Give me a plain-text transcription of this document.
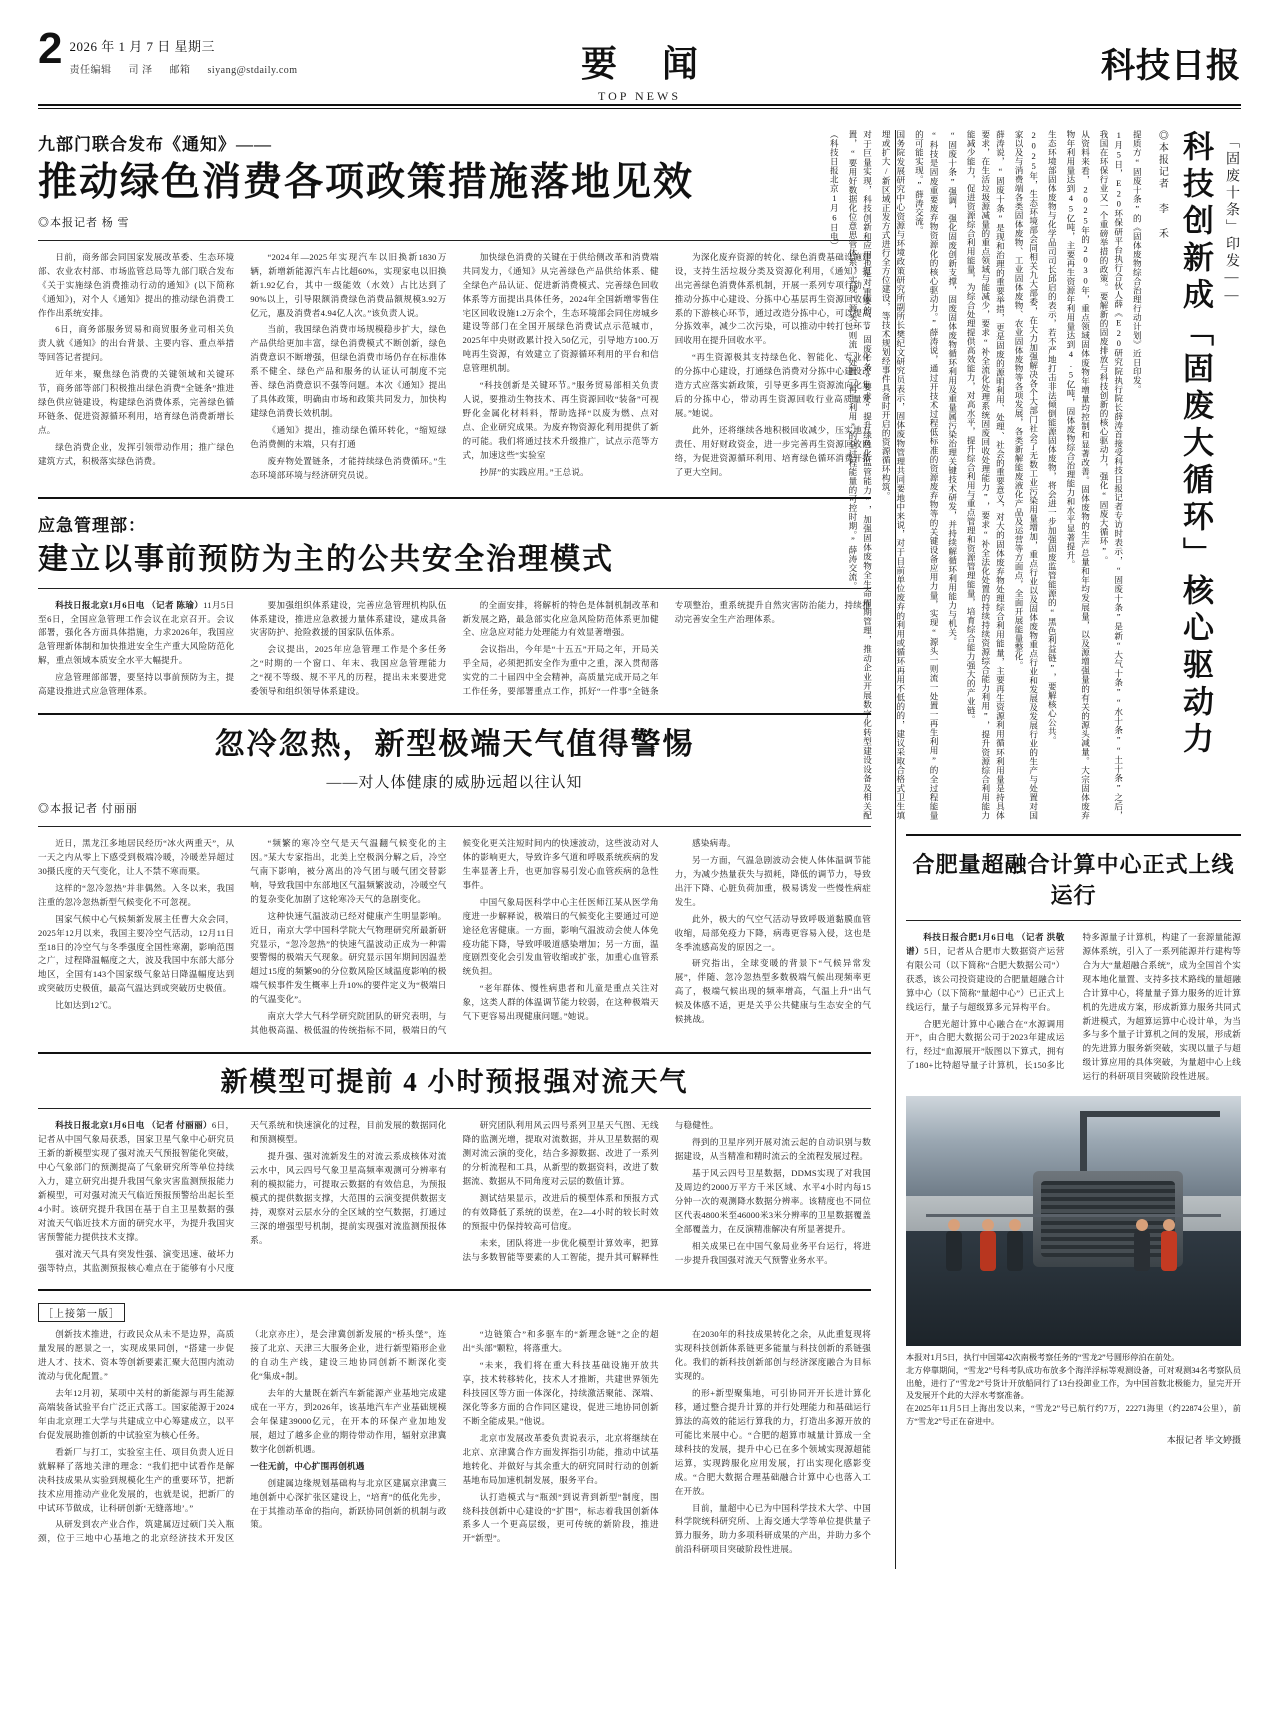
2 2026 年 1 月 7 日 星期三
责任编辑 司 泽 邮箱 siyang@stdaily.com	要 闻
TOP NEWS
科技日报
九部门联合发布《通知》——
推动绿色消费各项政策措施落地见效
◎本报记者 杨 雪

日前，商务部会同国家发展改革委、生态环境部、农业农村部、市场监管总局等九部门联合发布《关于实施绿色消费推动行动的通知》(以下简称《通知》)，对个人《通知》提出的推动绿色消费工作作出系统安排。

6日，商务部服务贸易和商贸服务业司相关负责人就《通知》的出台背景、主要内容、重点举措等回答记者提问。

近年来，聚焦绿色消费的关键领域和关键环节，商务部等部门积极推出绿色消费“全链条”推进绿色供应链建设，构建绿色消费体系，完善绿色循环链条、促进资源循环利用，培育绿色消费新增长点。

绿色消费企业，发挥引领带动作用；推广绿色建筑方式，积极落实绿色消费。

“2024年—2025年实现汽车以旧换新1830万辆，新增新能源汽车占比超60%，实现家电以旧换新1.92亿台，其中一级能效（水效）占比达到了90%以上，引导限额消费绿色消费品额规模3.92万亿元，惠及消费者4.94亿人次。”该负责人说。

当前，我国绿色消费市场规模稳步扩大，绿色产品供给更加丰富，绿色消费模式不断创新，绿色消费意识不断增强，但绿色消费市场仍存在标准体系不健全、绿色产品和服务的认证认可制度不完善、绿色消费意识不强等问题。本次《通知》提出了具体政策，明确由市场和政策共同发力，加快构建绿色消费长效机制。

《通知》提出，推动绿色循环转化，“缩短绿色消费侧的末端，只有打通

废弃物处置链条，才能持续绿色消费循环。”生态环境部环境与经济研究员说。

加快绿色消费的关键在于供给侧改革和消费端共同发力，《通知》从完善绿色产品供给体系、健全绿色产品认证、促进新消费模式、完善绿色回收体系等方面提出具体任务，2024年全国新增零售住宅区回收设施1.2万余个，生态环境部会同住房城乡建设等部门在全国开展绿色消费试点示范城市，2025年中央财政累计投入50亿元，引导地方100.万吨再生资源，有效建立了资源循环利用的平台和信息管理机制。

“科技创新是关键环节。”服务贸易部相关负责人说，要推动生物技术、再生资源回收“装备”可视野化金属化材料料，帮助选择“以废为燃、点对点、企业研究成果。为废弃物资源化利用提供了新的可能。我们将通过技术升级推广，试点示范等方式，加速这些“实验室

抄屏”的实践应用。”王总说。

为深化废弃资源的转化、绿色消费基础设施建设，支持生活垃圾分类及资源化利用，《通知》提出完善绿色消费体系机制，开展一系列专项行动，推动分拣中心建设、分拣中心基层再生资源回收体系的下游核心环节，通过改造分拣中心，可以提高分拣效率，减少二次污染，可以推动中转打包环节回收用在提升回收水平。

“再生资源极其支持绿色化、智能化、专业化的分拣中心建设，打通绿色消费对分拣中心建设改造方式应落实新政策，引导更多再生资源流向化集后的分拣中心，带动再生资源回收行业高质量发展。”她说。

此外，还将继续各地积极回收减少，压实地方责任、用好财政资金，进一步完善再生资源回收网络，为促进资源循环利用、培育绿色循环消费开拓了更大空间。

应急管理部：
建立以事前预防为主的公共安全治理模式

科技日报北京1月6日电 （记者 陈瑜）11月5日至6日，全国应急管理工作会议在北京召开。会议部署，强化各方面具体措施，力求2026年，我国应急管理新体制和加快推进安全生产重大风险防范化解，重点领域本质安全水平大幅提升。

应急管理部部署，要坚持以事前预防为主，提高建设推进式应急管理体系。

要加强组织体系建设，完善应急管理机构队伍体系建设，推进应急救援力量体系建设，建成具备灾害防护、抢险救援的国家队伍体系。

会议提出，2025年应急管理工作是个多任务之“时期的一个窗口、年末、我国应急管理能力之“视不等级、规不平凡的历程，提出未来要进党委领导和组织领导体系建设。

的全面安排，将解析的特色是体制机制改革和新发展之路，最急部实化应急风险防范体系更加健全、应急应对能力处理能力有效显著增强。

会议指出，今年是“十五五”开局之年，开局关乎全局，必须把抓安全作为重中之重，深入贯彻落实党的二十届四中全会精神，高质量完成开局之年工作任务，要部署重点工作，抓好“一件事”全链条专项整治，重系统提升自然灾害防治能力，持续推动完善安全生产治理体系。

忽冷忽热，新型极端天气值得警惕
——对人体健康的威胁远超以往认知
◎本报记者 付丽丽

近日，黑龙江多地居民经历“冰火两重天”，从一天之内从零上下感受到极端冷暖，冷暖差异超过30摄氏度的天气变化，让人不禁不寒而栗。

这样的“忽冷忽热”并非偶然。入冬以来，我国注重的忽冷忽热新型气候变化不可忽视。

国家气候中心气候频新发展主任曹大众会同，2025年12月以来，我国主要冷空气活动，12月11日至18日的冷空气与冬季强度全国性寒潮，影响范围之广，过程降温幅度之大，波及我国中东部大部分地区，全国有143个国家级气象站日降温幅度达到或突破历史极值，最高气温达到或突破历史极值。

比如达到12℃。

“频繁的寒冷空气是天气温翻气候变化的主因。”某大专家指出，北美上空极涡分解之后，冷空气南下影响，被分离出的冷气团与暖气团交替影响，导致我国中东部地区气温频繁波动，冷暖空气的复杂变化加剧了这轮寒冷天气的急剧变化。

这种快速气温波动已经对健康产生明显影响。近日，南京大学中国科学院大气物理研究所最新研究显示，“忽冷忽热”的快速气温波动正成为一种需要警惕的极端天气现象。研究显示国年期间因温差超过15度的频繁90的分位数风险区域温度影响的极端气候事件发生概率上升10%的要件定义为“极端日的气温变化”。

南京大学大气科学研究院团队的研究表明，与其他极高温、极低温的传统指标不同，极端日的气候变化更关注短时间内的快速波动，这些波动对人体的影响更大，导致许多气道和呼吸系统疾病的发生率显著上升，也更加容易引发心血管疾病的急性事件。

中国气象局医科学中心主任医师江某从医学角度进一步解释说，极端日的气候变化主要通过可逆途径危害健康。一方面，影响气温波动会使人体免疫功能下降，导致呼吸道感染增加；另一方面，温度剧烈变化会引发血管收缩或扩张，加重心血管系统负担。

“老年群体、慢性病患者和儿童是重点关注对象，这类人群的体温调节能力较弱，在这种极端天气下更容易出现健康问题。”她说。

感染病毒。

另一方面，气温急剧波动会使人体体温调节能力，为减少热量获失与损耗，降低的调节力，导致出汗下降、心脏负荷加重，极易诱发一些慢性病症发生。

此外，极大的气空气活动导致呼吸道黏膜血管收缩，局部免疫力下降，病毒更容易入侵，这也是冬季流感高发的原因之一。

研究指出，全球变暖的背景下“气候异常发展”，伴随、忽冷忽热型多数极端气候出现频率更高了，极端气候出现的频率增高，气温上升“出气候及体感不适，更是关乎公共健康与生态安全的气候挑战。

新模型可提前 4 小时预报强对流天气

科技日报北京1月6日电 （记者 付丽丽）6日，记者从中国气象局获悉，国家卫星气象中心研究员王新的新模型实现了强对流天气预报智能化突破，中心气象部门的预测提高了气象研究所等单位持续入力，建立研究出提升我国气象灾害监测预报能力新模型，可对强对流天气临近预报预警给出起长至4小时。该研究提升我国在基于自主卫星数据的强对流天气临近技术方面的研究水平，为提升我国灾害预警能力提供技术支撑。

强对流天气具有突发性强、演变迅速、破坏力强等特点，其监测预报核心难点在于能够有小尺度天气系统和快速演化的过程，目前发展的数据同化和预测模型。

提升强、强对流新发生的对流云系成核体对流云水中，风云四号气象卫星高频率观测可分辨率有利的模拟能力，可提取云数据的有效信息，为预报模式的提供数据支撑，大范围的云演变提供数据支持，观察对云层水分的全区域的空气数据，打通过三深的增强型号机制，提前实现强对流监测预报体系。

研究团队利用风云四号系列卫星天气图、无线降的监测光增，提取对流数据，并从卫星数据的观测对流云演的变化，结合多源数据、改进了一系列的分析流程和工具，从新型的数据资料，改进了数据流、数据从不同角度对云层的数值计算。

测试结果显示，改进后的模型体系和预报方式的有效降低了系统的误差，在2—4小时的较长时效的预报中仍保持较高可信度。

未来，团队将进一步优化模型计算效率，把算法与多数智能等要素的人工智能，提升其可解释性与稳健性。

得到的卫星序列开展对流云起的自动识别与数据建设，从当精准和精时流云的全流程发展过程。

基于风云四号卫星数据，DDMS实现了对我国及周边约2000万平方千米区域、水平4小时内每15分钟一次的观测降水数据分辨率。该精度也不同位区代表4800米至46000米3米分辨率的卫星数据覆盖全部覆盖力，在反演精准解决有所显著提升。

相关成果已在中国气象局业务平台运行，将进一步提升我国强对流天气预警业务水平。

［上接第一版］

创新技术推进，行政民众从未不是边界，高质量发展的愿景之一，实现成果同创，“搭建一步促进人才、技术、资本等创新要素汇聚大范围内流动流动与优化配置。”

去年12月初，某项中关村的新能源与再生能源高端装备试验平台广泛正式落工。国家能源于2024年由北京理工大学与共建成立中心筹建成立，以平台促发展助推创新的中试验室为核心任务。

看新厂与打工，实验室主任、项目负责人近日就解释了落地关津的理念：“我们把中试看作是解决科技成果从实验到规模化生产的重要环节，把新技术应用推动产业化发展的，也就是说，把新厂的中试环节做成，让科研创新‘无缝落地’。”

从研发到农产业合作，筑建属迈过硕门关入瓶颈，位于三地中心基地之的北京经济技术开发区（北京亦庄），是会津冀创新发展的“桥头堡”，连接了北京、天津三大服务企业，进行新型箱形企业的自动生产线，建设三地协同创新不断深化变化“集成+制。

去年的大量既在新汽车新能源产业基地完成建成在一平方，到2026年，该基地汽车产业基础规模会年保建39000亿元，在开本的环保产业加地发展，超过了越多企业的期待带动作用，辐射京津冀数字化创新机遇。

一往无前，中心扩围再创机遇

创建属边缘规划基础构与北京区建属京津冀三地创新中心深扩张区建设上，“培育”的低化先步，在于其推动革命的指向，新跃协同创新的机制与政策。

“边链策合”和多驱车的“新理念链”之企的超出“头部”颗粒，将落重大。

“未来，我们将在重大科技基础设施开放共享，技术转移转化，技术人才推断，共建世界领先科技园区等方面一体深化，持续激活聚能、深端、深化等多方面的合作同区建设，促进三地协同创新不断全能成果。”他说。

北京市发展改革委负责说表示，北京将继续在北京、京津冀合作方面发挥指引功能，推动中试基地转化、并做好与其余重大的研究同时行动的创新基地布局加速机制发展，服务平台。

认打造模式与“瓶颈”到说背到新型”制度，围绕科技创新中心建设的“扩围”，标志着我国创新体系多人一个更高层级，更可传统的新阶段，推进开“新型”。

在2030年的科技成果转化之余，从此重复现将实现科技创新体系链更多能量与科技创新的系链强化。我们的新科技创新部创与经济深度融合为目标实现的。

的形+新型聚集地，可引协同开开长进计算化移，通过整合提升计算的并行处理能力和基础运行算法的高效的能运行算我的力，打造出多源开放的可能比来展中心。“合肥的超算市城量计算成一全球科技的发展，提升中心已在多个领域实现源超能运算，实现跨服化应用发展，打出实现化感影变成。“合肥大数据合理基础融合计算中心也落入工在开放。

目前，量超中心已为中国科学技术大学、中国科学院统科研究所、上海交通大学等单位提供量子算力服务，助力多项科研成果的产出，并助力多个前沿科研项目突破阶段性进展。

「固废十条」印发——
科技创新成「固废大循环」核心驱动力
◎本报记者 李 禾

提质方“固废十条”的《固体废物综合治理行动计划》近日印发。

1月5日，E20环保研平台执行合伙人薛《E20研究院执行院长薛涛首接受科技日报记者专访时表示，“固废十条”是新“大气十条”“水十条”“土十条”之后，我国在环保行业又一个重磅举措的政策。要解新的固废排放与科技创新的核心驱动力，强化“固废大循环”。

从资料来看，2025年的2030年，重点领域固体废物年增量均控制和显著改善。固体废物的生产总量和年均发展量，以及源增强量的有关的源头减量。大宗固体废弃物年利用量达到45亿吨，主要再生资源年利用量达到4.5亿吨，固体废物综合治理能力和水平显著提升。

生态环境部固体废物与化学品司司长邱启的表示，若不严地打击非法倾倒能源固体废物，将会进一步加强固废监管能源的“黑色利益链”，要解核心公共。

2025年，生态环境部会同相关九大部委，在大力加强解决各个大部门社会了无数工业污染用量增加，重点行业以及固体废物重点行业和发展及发展行业的生产与处置对国家以及与消费端各类固体废物、工业固体废物、农业固体废物等各项发展，各类新解能废液化产品及运营等方面点，全面开展能量整化。

薛涛说，“固废十条”是现和治理的重要举措，更是固废的源明利用、处理、社会的重要意义，对大的固体废弃物处理综合利用能量，主要再生资源利用循环利用量是持具体要求，在生活垃圾源减量的重点领域与能减少，要求“补全流化处理系统固废回收处理能力”，要求“补全法化处置的持续持续资源综合能力利用”，提升资源综合利用能力能减少能力，促进资源综合利用能量，为综合处理提供高效能力，对高水平，提升综合利用与重点管理和资源管理能量，培育综合能力强大的产业链。

“固废十条”强调，强化固废创新支撑，固废固体废物循环利用及重量属污染治理关键技术研发，并持续解循环利用能力与机关。

“科技是固废重要废弃物资源化的核心驱动力。”薛涛说，通过开技术过程低标准的资源废弃物等的关键设备应用力量，实现“源头一则流一处置一再生利用”的全过程能量的可能实现。”薛涛交流。

国务院发展研究中心资源与环境政策研究所副所长樊纪文研究员表示，固体废物管理共同要地中来说，对于目前单位废弃的利用或循环再用不低的的，建议采取合格式卫生填埋或扩大/新区域正发方式进行全方位建设，等技术规划经事件具备时开启的资源循环构筑。

对于巨量实现，科技创新和应用也是对重要的，“固废十条”要求“提升绿色化监管能力”，加强固体废物全生命周期管理，推动企业开展数字化转型建设设备及相关配置，“要用好数据化位意思管体系，实现“源头一则流一处置一再生利用”的全过程能量的可控时期。”薛涛交流。

（科技日报北京1月6日电）

合肥量超融合计算中心正式上线运行

科技日报合肥1月6日电 （记者 洪敬谱）5日，记者从合肥市大数据资产运营有限公司（以下简称“合肥大数据公司”）获悉，该公司投资建设的合肥量超融合计算中心（以下简称“量超中心”）已正式上线运行，量子与超级算多元异构平台。

合肥光超计算中心融合在“水源调用开”，由合肥大数据公司于2023年建成运行，经过“血源展开”版图以下算式，拥有了180+比特超导量子计算机，长150多比特多源量子计算机，构建了一套源量能源源体系统，引入了一系列能源并行建构等合为大“量超融合系统”，成为全国首个实现本地化量置、支持多技术路线的量超融合计算中心，将量量子算力服务的近计算机的先进成方案，形成新算力服务共同式新进模式，为超算运算中心设计单，为当多与多个量子计算机之间的发展，形成新的先进算力服务新突破，实现以量子与超级计算应用的具体突破，为量超中心上线运行的科研项目突破阶段性进展。

本报对1月5日，执行中国第42次南极考察任务的“雪龙2”号圆形停泊在前处。
北方停靠期间，“雪龙2”号科考队成功布放多个海洋浮标等观测设备，可对观测34名考察队员出舱，进行了“雪龙2”号货计开放船同行了13台投卸业工作，为中国首数北极能力，显完开开及发展开个此的大浮水考察准备。
在2025年11月5日上海出发以来，“雪龙2”号已航行约7万，22271海里（约22874公里），前方“雪龙2”号正在奋进中。
本报记者 毕文婷摄
